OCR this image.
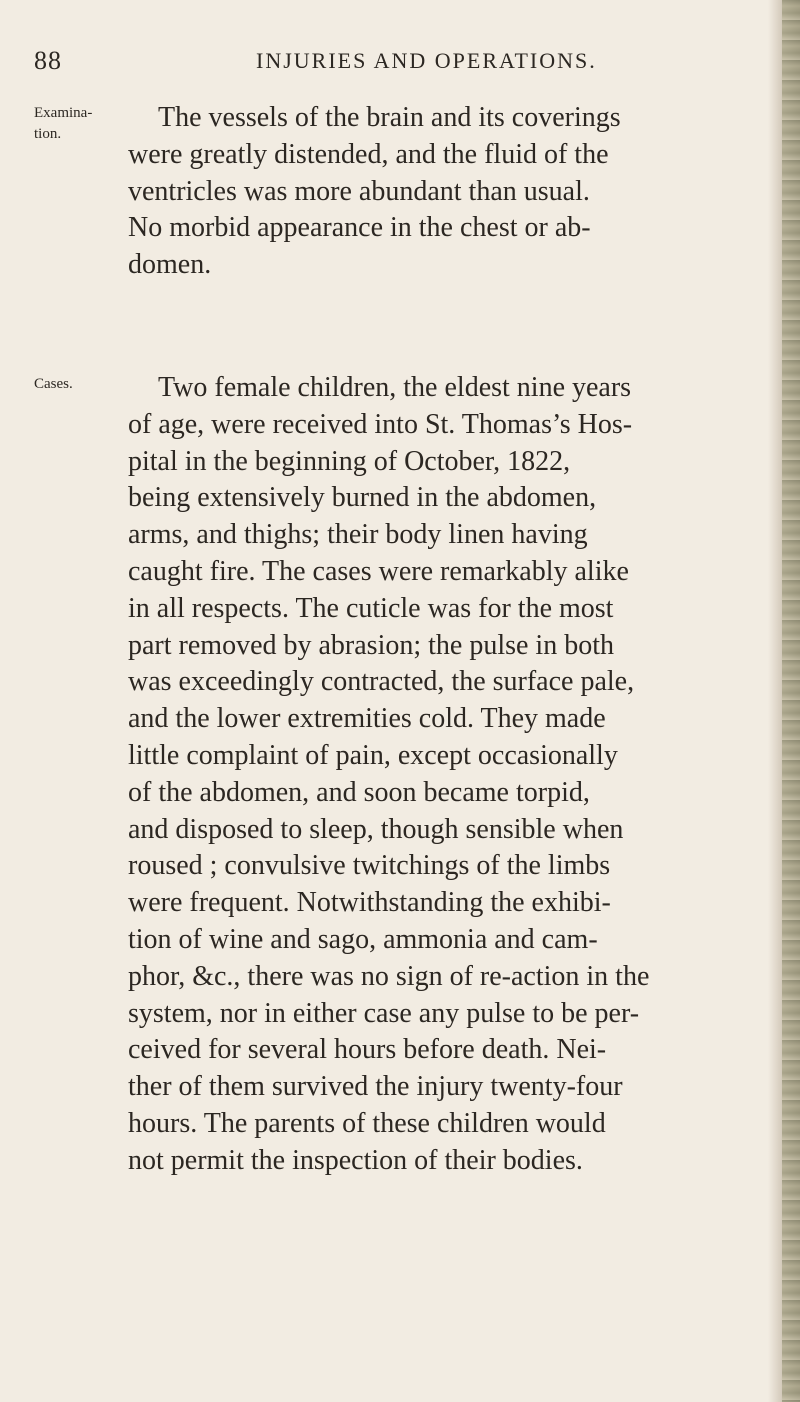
88	INJURIES AND OPERATIONS.
Examina-
tion.
Cases.
The vessels of the brain and its coverings
were greatly distended, and the fluid of the
ventricles was more abundant than usual.
No morbid appearance in the chest or ab-
domen.
Two female children, the eldest nine years
of age, were received into St. Thomas’s Hos-
pital in the beginning of October, 1822,
being extensively burned in the abdomen,
arms, and thighs; their body linen having
caught fire. The cases were remarkably alike
in all respects. The cuticle was for the most
part removed by abrasion; the pulse in both
was exceedingly contracted, the surface pale,
and the lower extremities cold. They made
little complaint of pain, except occasionally
of the abdomen, and soon became torpid,
and disposed to sleep, though sensible when
roused ; convulsive twitchings of the limbs
were frequent. Notwithstanding the exhibi-
tion of wine and sago, ammonia and cam-
phor, &c., there was no sign of re-action in the
system, nor in either case any pulse to be per-
ceived for several hours before death. Nei-
ther of them survived the injury twenty-four
hours. The parents of these children would
not permit the inspection of their bodies.
